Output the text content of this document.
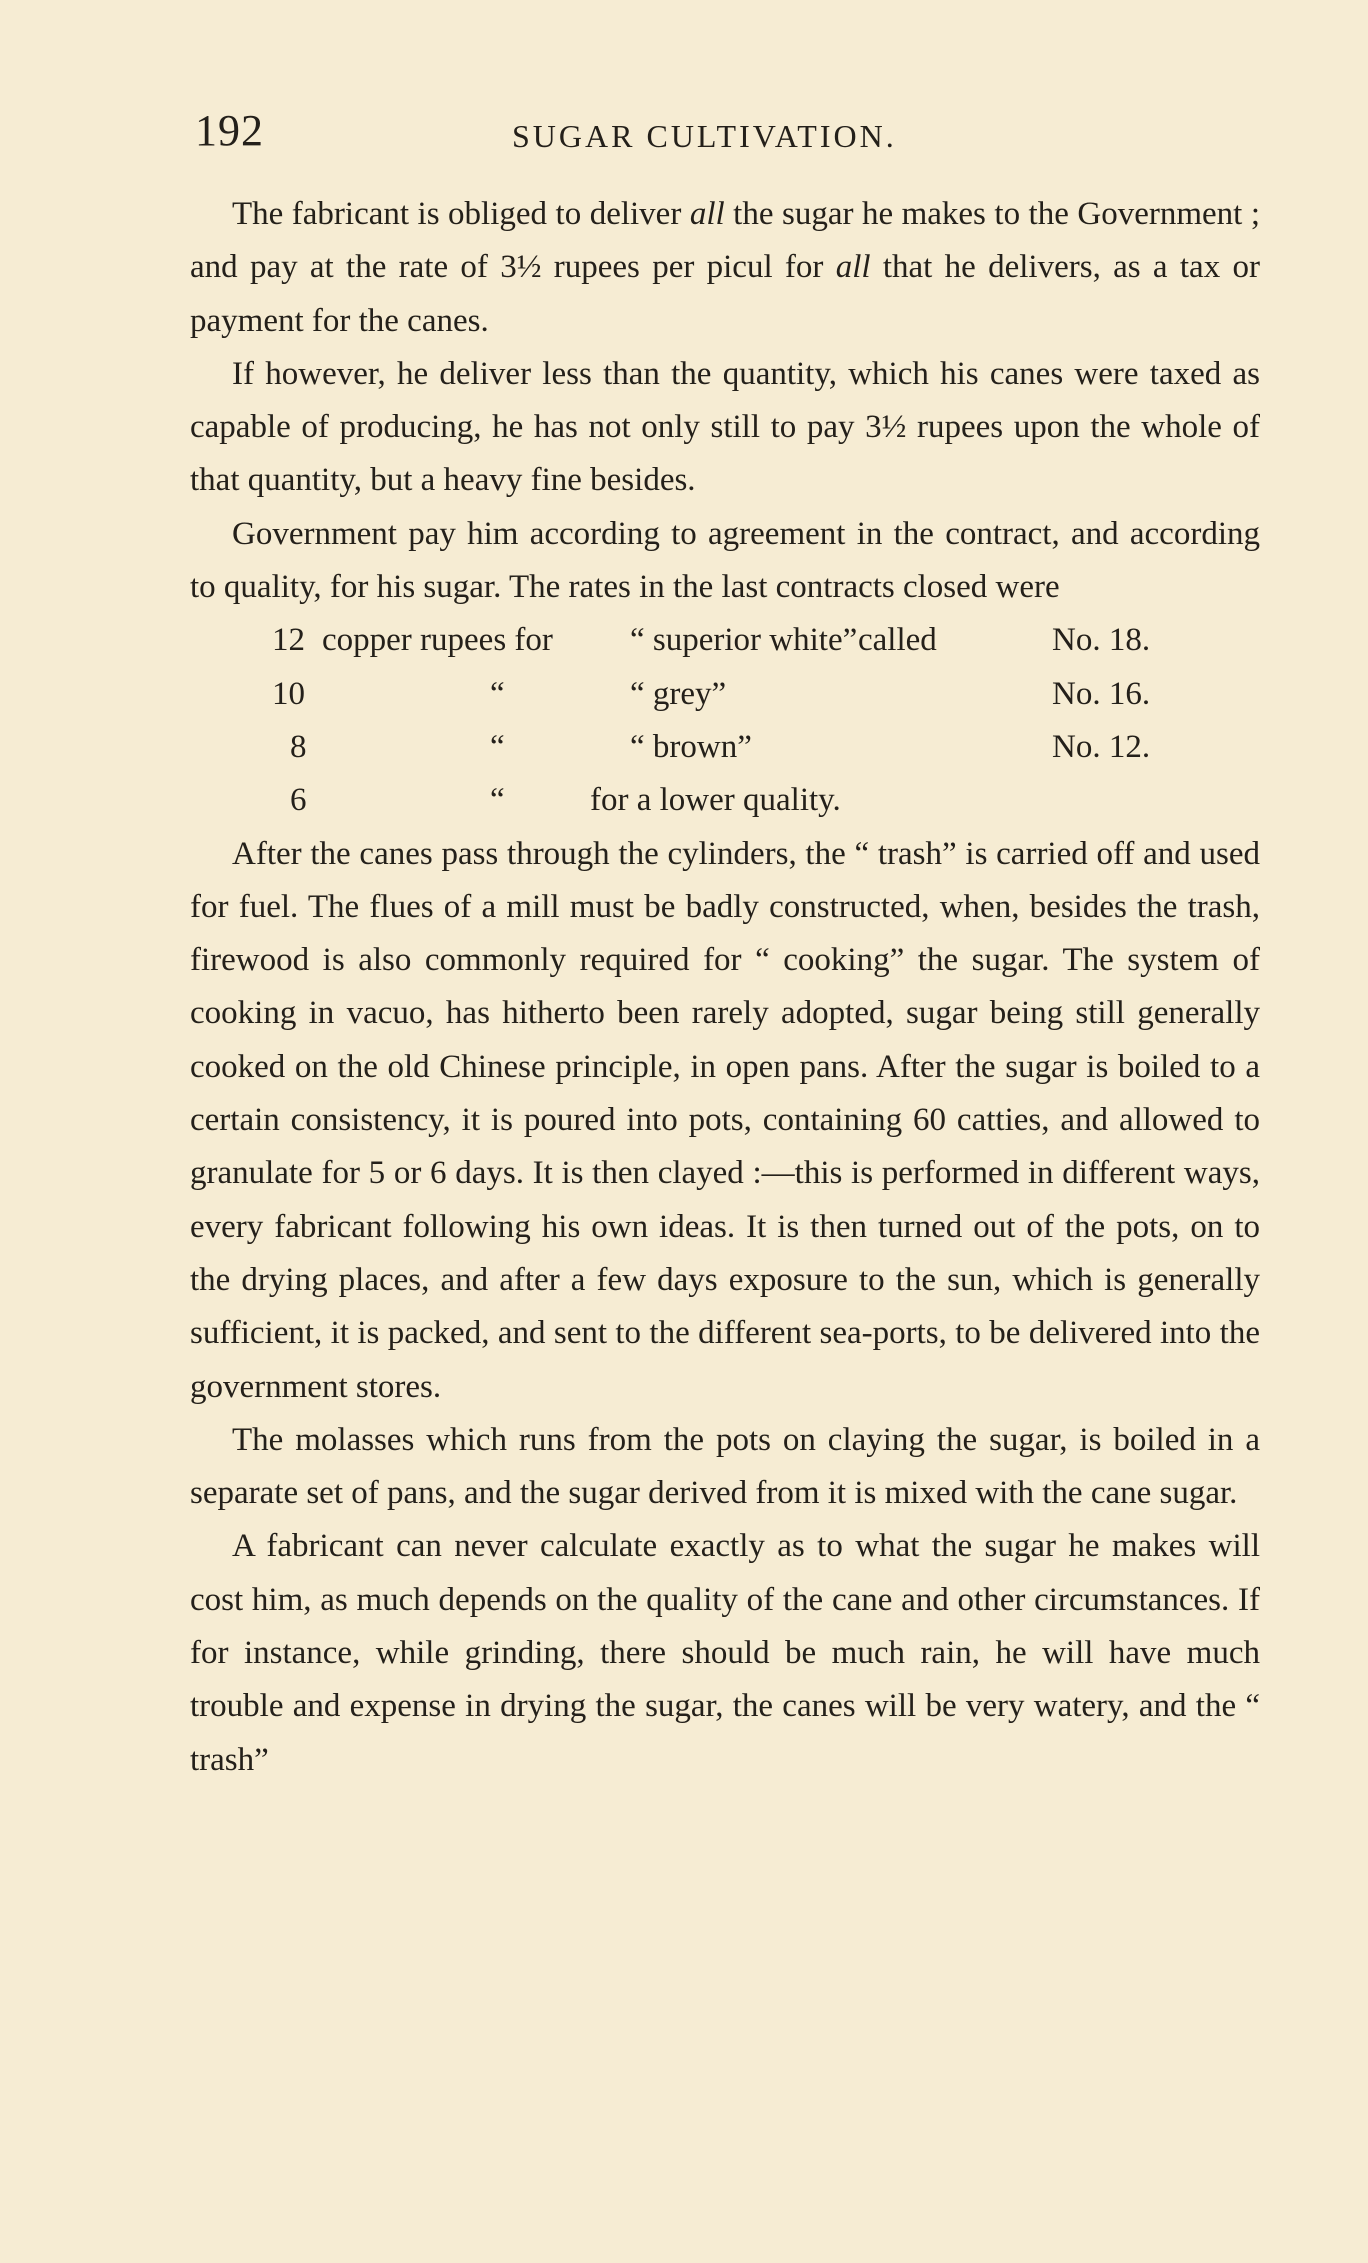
192	SUGAR CULTIVATION.

The fabricant is obliged to deliver all the sugar he makes to the Government ; and pay at the rate of 3½ rupees per picul for all that he delivers, as a tax or payment for the canes.

If however, he deliver less than the quantity, which his canes were taxed as capable of producing, he has not only still to pay 3½ rupees upon the whole of that quantity, but a heavy fine besides.

Government pay him according to agreement in the contract, and according to quality, for his sugar. The rates in the last contracts closed were

12 copper rupees for “ superior white” called	No. 18.
10	“	“ grey”	No. 16.
8	“	“ brown”	No. 12.
6	“	for a lower quality.

After the canes pass through the cylinders, the “ trash” is carried off and used for fuel. The flues of a mill must be badly constructed, when, besides the trash, firewood is also commonly required for “ cooking” the sugar. The system of cooking in vacuo, has hitherto been rarely adopted, sugar being still generally cooked on the old Chinese principle, in open pans. After the sugar is boiled to a certain consistency, it is poured into pots, containing 60 catties, and allowed to granulate for 5 or 6 days. It is then clayed :—this is performed in different ways, every fabricant following his own ideas. It is then turned out of the pots, on to the drying places, and after a few days exposure to the sun, which is generally sufficient, it is packed, and sent to the different sea-ports, to be delivered into the government stores.

The molasses which runs from the pots on claying the sugar, is boiled in a separate set of pans, and the sugar derived from it is mixed with the cane sugar.

A fabricant can never calculate exactly as to what the sugar he makes will cost him, as much depends on the quality of the cane and other circumstances. If for instance, while grinding, there should be much rain, he will have much trouble and expense in drying the sugar, the canes will be very watery, and the “ trash”
